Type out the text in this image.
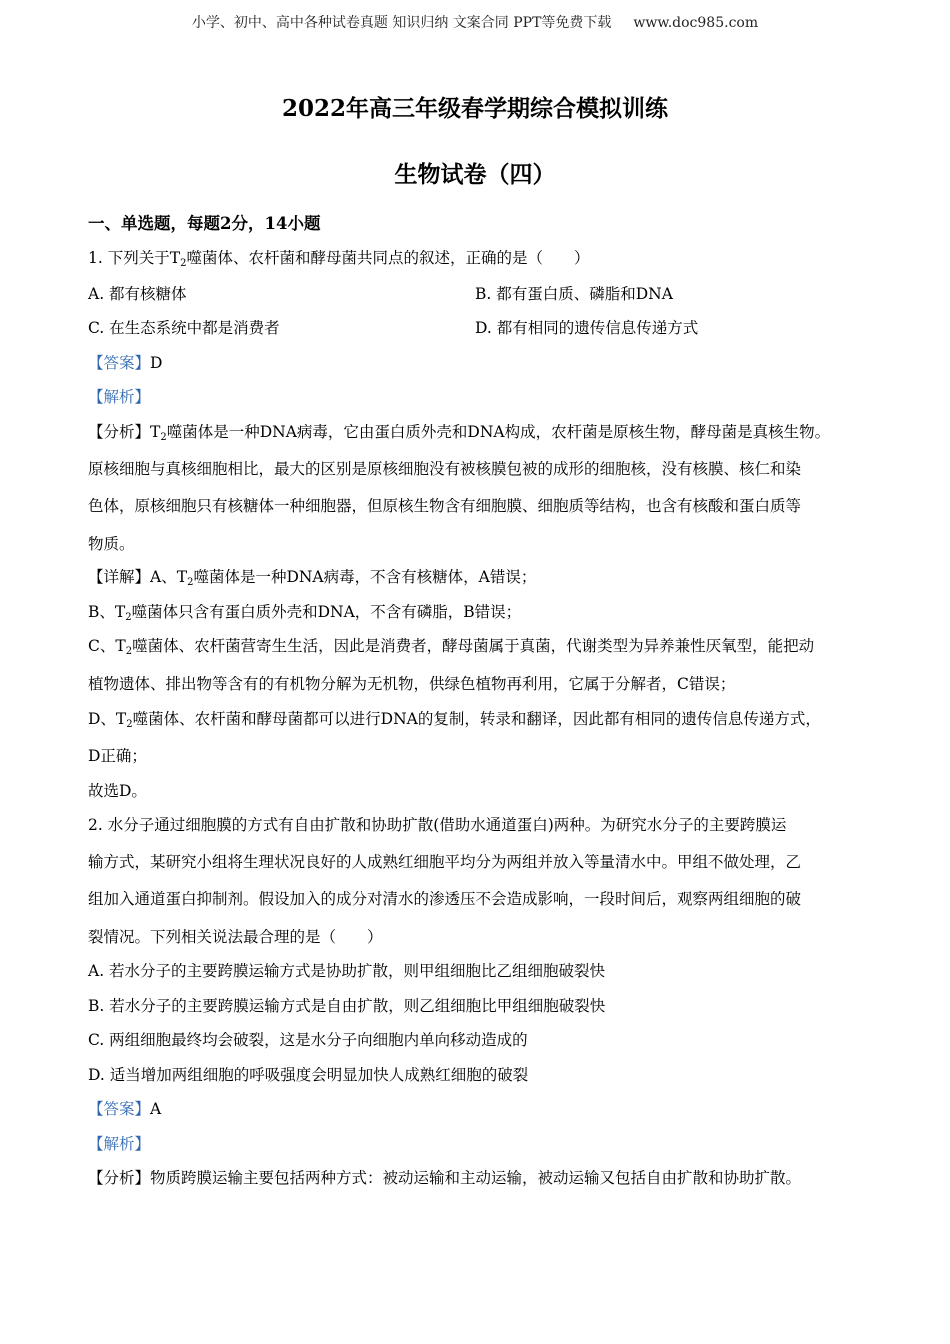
小学、初中、高中各种试卷真题 知识归纳 文案合同 PPT等免费下载 www.doc985.com
2022年高三年级春学期综合模拟训练
生物试卷（四）
一、单选题，每题2分，14小题
1. 下列关于$T_2$噬菌体、农杆菌和酵母菌共同点的叙述，正确的是（　　）
A. 都有核糖体	B. 都有蛋白质、磷脂和DNA
C. 在生态系统中都是消费者	D. 都有相同的遗传信息传递方式
【答案】D
【解析】
【分析】$T_2$噬菌体是一种DNA病毒，它由蛋白质外壳和DNA构成，农杆菌是原核生物，酵母菌是真核生物。
原核细胞与真核细胞相比，最大的区别是原核细胞没有被核膜包被的成形的细胞核，没有核膜、核仁和染
色体，原核细胞只有核糖体一种细胞器，但原核生物含有细胞膜、细胞质等结构，也含有核酸和蛋白质等
物质。
【详解】A、$T_2$噬菌体是一种DNA病毒，不含有核糖体，A错误；
B、$T_2$噬菌体只含有蛋白质外壳和DNA，不含有磷脂，B错误；
C、$T_2$噬菌体、农杆菌营寄生生活，因此是消费者，酵母菌属于真菌，代谢类型为异养兼性厌氧型，能把动
植物遗体、排出物等含有的有机物分解为无机物，供绿色植物再利用，它属于分解者，C错误；
D、$T_2$噬菌体、农杆菌和酵母菌都可以进行DNA的复制，转录和翻译，因此都有相同的遗传信息传递方式，
D正确；
故选D。
2. 水分子通过细胞膜的方式有自由扩散和协助扩散(借助水通道蛋白)两种。为研究水分子的主要跨膜运
输方式，某研究小组将生理状况良好的人成熟红细胞平均分为两组并放入等量清水中。甲组不做处理，乙
组加入通道蛋白抑制剂。假设加入的成分对清水的渗透压不会造成影响，一段时间后，观察两组细胞的破
裂情况。下列相关说法最合理的是（　　）
A. 若水分子的主要跨膜运输方式是协助扩散，则甲组细胞比乙组细胞破裂快
B. 若水分子的主要跨膜运输方式是自由扩散，则乙组细胞比甲组细胞破裂快
C. 两组细胞最终均会破裂，这是水分子向细胞内单向移动造成的
D. 适当增加两组细胞的呼吸强度会明显加快人成熟红细胞的破裂
【答案】A
【解析】
【分析】物质跨膜运输主要包括两种方式：被动运输和主动运输，被动运输又包括自由扩散和协助扩散。
